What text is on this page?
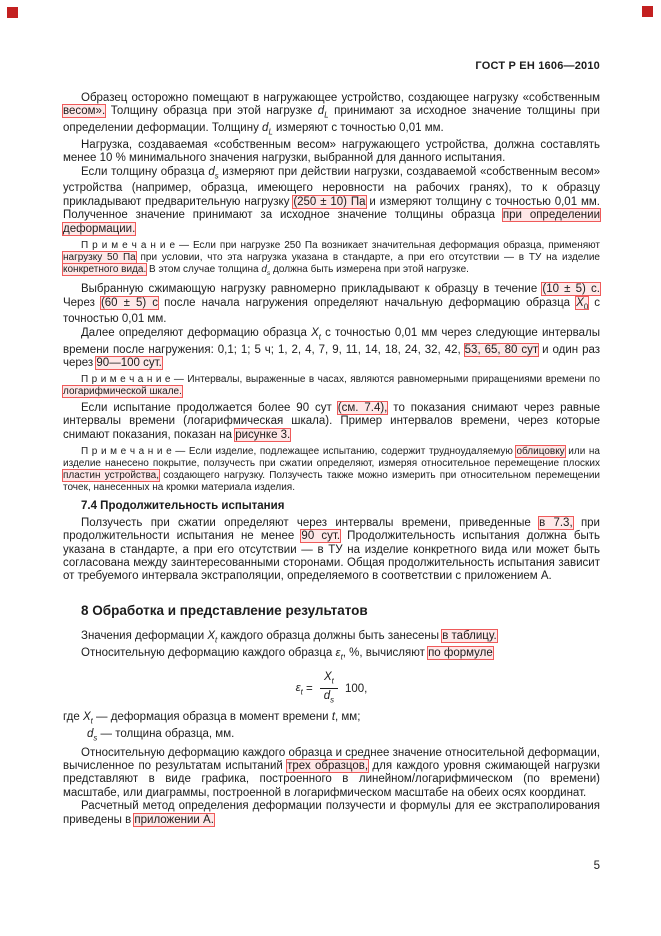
ГОСТ Р ЕН 1606—2010

Образец осторожно помещают в нагружающее устройство, создающее нагрузку «собственным весом». Толщину образца при этой нагрузке $d_L$ принимают за исходное значение толщины при определении деформации. Толщину $d_L$ измеряют с точностью 0,01 мм.

Нагрузка, создаваемая «собственным весом» нагружающего устройства, должна составлять менее 10 % минимального значения нагрузки, выбранной для данного испытания.

Если толщину образца $d_s$ измеряют при действии нагрузки, создаваемой «собственным весом» устройства (например, образца, имеющего неровности на рабочих гранях), то к образцу прикладывают предварительную нагрузку (250 ± 10) Па и измеряют толщину с точностью 0,01 мм. Полученное значение принимают за исходное значение толщины образца при определении деформации.

П р и м е ч а н и е — Если при нагрузке 250 Па возникает значительная деформация образца, применяют нагрузку 50 Па при условии, что эта нагрузка указана в стандарте, а при его отсутствии — в ТУ на изделие конкретного вида. В этом случае толщина $d_s$ должна быть измерена при этой нагрузке.

Выбранную сжимающую нагрузку равномерно прикладывают к образцу в течение (10 ± 5) с. Через (60 ± 5) с после начала нагружения определяют начальную деформацию образца $X_0$ с точностью 0,01 мм.

Далее определяют деформацию образца $X_t$ с точностью 0,01 мм через следующие интервалы времени после нагружения: 0,1; 1; 5 ч; 1, 2, 4, 7, 9, 11, 14, 18, 24, 32, 42, 53, 65, 80 сут и один раз через 90—100 сут.

П р и м е ч а н и е — Интервалы, выраженные в часах, являются равномерными приращениями времени по логарифмической шкале.

Если испытание продолжается более 90 сут (см. 7.4), то показания снимают через равные интервалы времени (логарифмическая шкала). Пример интервалов времени, через которые снимают показания, показан на рисунке 3.

П р и м е ч а н и е — Если изделие, подлежащее испытанию, содержит трудноудаляемую облицовку или на изделие нанесено покрытие, ползучесть при сжатии определяют, измеряя относительное перемещение плоских пластин устройства, создающего нагрузку. Ползучесть также можно измерить при относительном перемещении точек, нанесенных на кромки материала изделия.

7.4 Продолжительность испытания

Ползучесть при сжатии определяют через интервалы времени, приведенные в 7.3, при продолжительности испытания не менее 90 сут. Продолжительность испытания должна быть указана в стандарте, а при его отсутствии — в ТУ на изделие конкретного вида или может быть согласована между заинтересованными сторонами. Общая продолжительность испытания зависит от требуемого интервала экстраполяции, определяемого в соответствии с приложением А.

8 Обработка и представление результатов

Значения деформации $X_t$ каждого образца должны быть занесены в таблицу.

Относительную деформацию каждого образца $\varepsilon_t$, %, вычисляют по формуле

$\varepsilon_t = \frac{X_t}{d_s} 100$,

где $X_t$ — деформация образца в момент времени t, мм;

$d_s$ — толщина образца, мм.

Относительную деформацию каждого образца и среднее значение относительной деформации, вычисленное по результатам испытаний трех образцов, для каждого уровня сжимающей нагрузки представляют в виде графика, построенного в линейном/логарифмическом (по времени) масштабе, или диаграммы, построенной в логарифмическом масштабе на обеих осях координат.

Расчетный метод определения деформации ползучести и формулы для ее экстраполирования приведены в приложении А.

5
